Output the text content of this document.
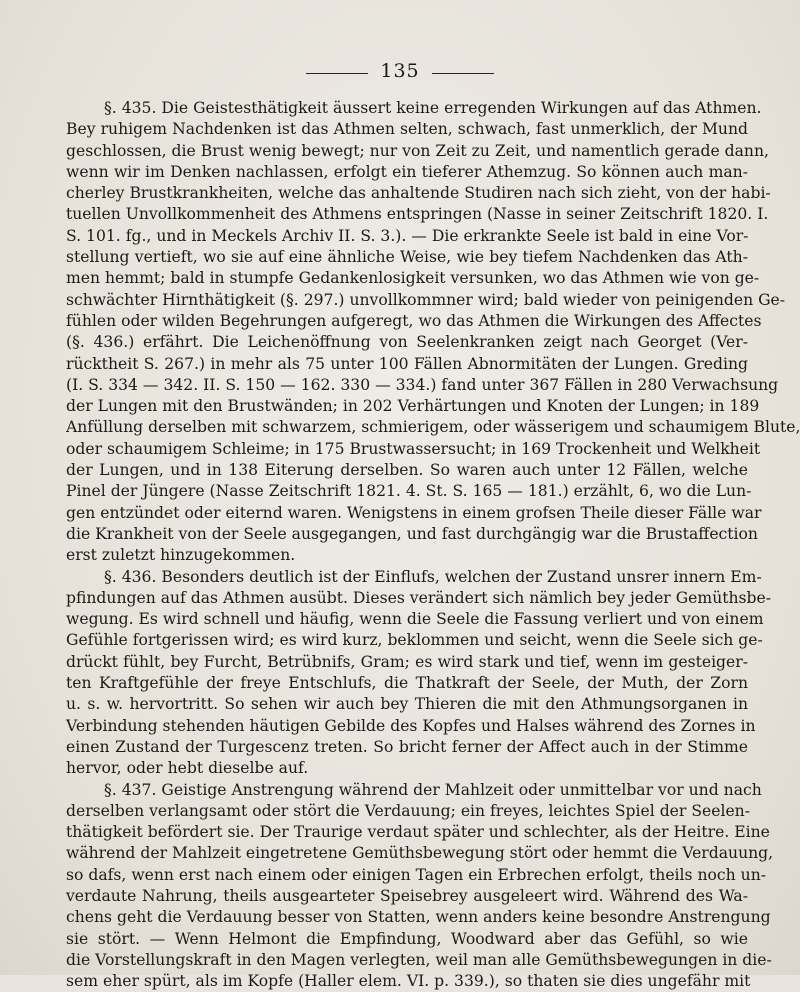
135
§. 435. Die Geistesthätigkeit äussert keine erregenden Wirkungen auf das Athmen.
Bey ruhigem Nachdenken ist das Athmen selten, schwach, fast unmerklich, der Mund
geschlossen, die Brust wenig bewegt; nur von Zeit zu Zeit, und namentlich gerade dann,
wenn wir im Denken nachlassen, erfolgt ein tieferer Athemzug. So können auch man-
cherley Brustkrankheiten, welche das anhaltende Studiren nach sich zieht, von der habi-
tuellen Unvollkommenheit des Athmens entspringen (Nasse in seiner Zeitschrift 1820. I.
S. 101. fg., und in Meckels Archiv II. S. 3.). — Die erkrankte Seele ist bald in eine Vor-
stellung vertieft, wo sie auf eine ähnliche Weise, wie bey tiefem Nachdenken das Ath-
men hemmt; bald in stumpfe Gedankenlosigkeit versunken, wo das Athmen wie von ge-
schwächter Hirnthätigkeit (§. 297.) unvollkommner wird; bald wieder von peinigenden Ge-
fühlen oder wilden Begehrungen aufgeregt, wo das Athmen die Wirkungen des Affectes
(§. 436.) erfährt. Die Leichenöffnung von Seelenkranken zeigt nach Georget (Ver-
rücktheit S. 267.) in mehr als 75 unter 100 Fällen Abnormitäten der Lungen. Greding
(I. S. 334 — 342. II. S. 150 — 162. 330 — 334.) fand unter 367 Fällen in 280 Verwachsung
der Lungen mit den Brustwänden; in 202 Verhärtungen und Knoten der Lungen; in 189
Anfüllung derselben mit schwarzem, schmierigem, oder wässerigem und schaumigem Blute,
oder schaumigem Schleime; in 175 Brustwassersucht; in 169 Trockenheit und Welkheit
der Lungen, und in 138 Eiterung derselben. So waren auch unter 12 Fällen, welche
Pinel der Jüngere (Nasse Zeitschrift 1821. 4. St. S. 165 — 181.) erzählt, 6, wo die Lun-
gen entzündet oder eiternd waren. Wenigstens in einem grofsen Theile dieser Fälle war
die Krankheit von der Seele ausgegangen, und fast durchgängig war die Brustaffection
erst zuletzt hinzugekommen.
§. 436. Besonders deutlich ist der Einflufs, welchen der Zustand unsrer innern Em-
pfindungen auf das Athmen ausübt. Dieses verändert sich nämlich bey jeder Gemüthsbe-
wegung. Es wird schnell und häufig, wenn die Seele die Fassung verliert und von einem
Gefühle fortgerissen wird; es wird kurz, beklommen und seicht, wenn die Seele sich ge-
drückt fühlt, bey Furcht, Betrübnifs, Gram; es wird stark und tief, wenn im gesteiger-
ten Kraftgefühle der freye Entschlufs, die Thatkraft der Seele, der Muth, der Zorn
u. s. w. hervortritt. So sehen wir auch bey Thieren die mit den Athmungsorganen in
Verbindung stehenden häutigen Gebilde des Kopfes und Halses während des Zornes in
einen Zustand der Turgescenz treten. So bricht ferner der Affect auch in der Stimme
hervor, oder hebt dieselbe auf.
§. 437. Geistige Anstrengung während der Mahlzeit oder unmittelbar vor und nach
derselben verlangsamt oder stört die Verdauung; ein freyes, leichtes Spiel der Seelen-
thätigkeit befördert sie. Der Traurige verdaut später und schlechter, als der Heitre. Eine
während der Mahlzeit eingetretene Gemüthsbewegung stört oder hemmt die Verdauung,
so dafs, wenn erst nach einem oder einigen Tagen ein Erbrechen erfolgt, theils noch un-
verdaute Nahrung, theils ausgearteter Speisebrey ausgeleert wird. Während des Wa-
chens geht die Verdauung besser von Statten, wenn anders keine besondre Anstrengung
sie stört. — Wenn Helmont die Empfindung, Woodward aber das Gefühl, so wie
die Vorstellungskraft in den Magen verlegten, weil man alle Gemüthsbewegungen in die-
sem eher spürt, als im Kopfe (Haller elem. VI. p. 339.), so thaten sie dies ungefähr mit
